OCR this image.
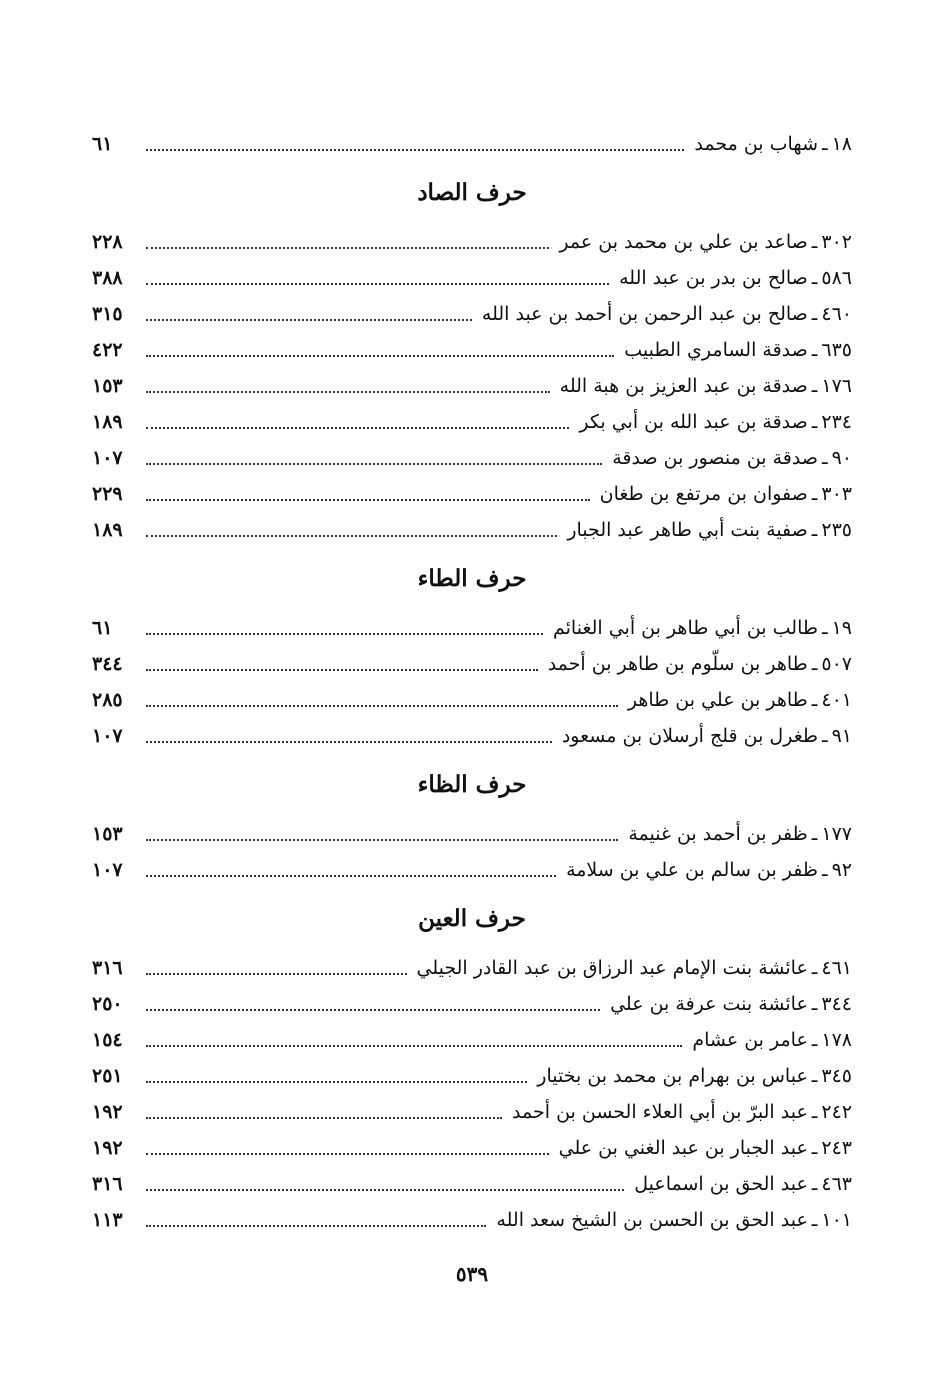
١٨
ـ
شهاب بن محمد
٦١
حرف الصاد
٣٠٢
ـ
صاعد بن علي بن محمد بن عمر
٢٢٨
٥٨٦
ـ
صالح بن بدر بن عبد الله
٣٨٨
٤٦٠
ـ
صالح بن عبد الرحمن بن أحمد بن عبد الله
٣١٥
٦٣٥
ـ
صدقة السامري الطبيب
٤٢٢
١٧٦
ـ
صدقة بن عبد العزيز بن هبة الله
١٥٣
٢٣٤
ـ
صدقة بن عبد الله بن أبي بكر
١٨٩
٩٠
ـ
صدقة بن منصور بن صدقة
١٠٧
٣٠٣
ـ
صفوان بن مرتفع بن طغان
٢٢٩
٢٣٥
ـ
صفية بنت أبي طاهر عبد الجبار
١٨٩
حرف الطاء
١٩
ـ
طالب بن أبي طاهر بن أبي الغنائم
٦١
٥٠٧
ـ
طاهر بن سلّوم بن طاهر بن أحمد
٣٤٤
٤٠١
ـ
طاهر بن علي بن طاهر
٢٨٥
٩١
ـ
طغرل بن قلج أرسلان بن مسعود
١٠٧
حرف الظاء
١٧٧
ـ
ظفر بن أحمد بن غنيمة
١٥٣
٩٢
ـ
ظفر بن سالم بن علي بن سلامة
١٠٧
حرف العين
٤٦١
ـ
عائشة بنت الإمام عبد الرزاق بن عبد القادر الجيلي
٣١٦
٣٤٤
ـ
عائشة بنت عرفة بن علي
٢٥٠
١٧٨
ـ
عامر بن عشام
١٥٤
٣٤٥
ـ
عباس بن بهرام بن محمد بن بختيار
٢٥١
٢٤٢
ـ
عبد البرّ بن أبي العلاء الحسن بن أحمد
١٩٢
٢٤٣
ـ
عبد الجبار بن عبد الغني بن علي
١٩٢
٤٦٣
ـ
عبد الحق بن اسماعيل
٣١٦
١٠١
ـ
عبد الحق بن الحسن بن الشيخ سعد الله
١١٣
٥٣٩
